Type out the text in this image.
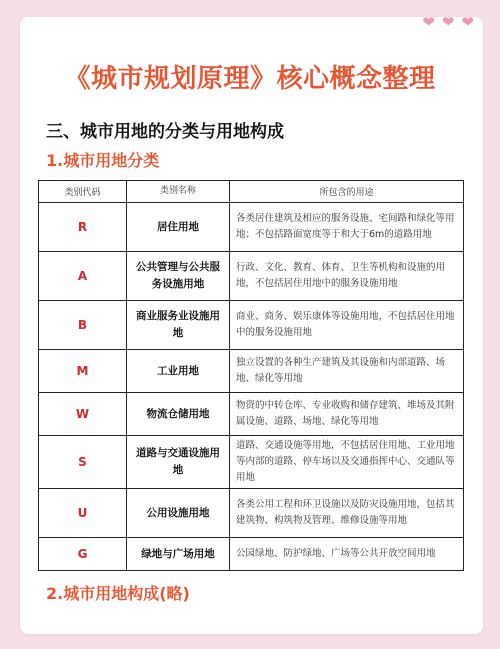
❤ ❤ ❤
《城市规划原理》核心概念整理
三、城市用地的分类与用地构成
1.城市用地分类
类别代码	类别名称	所包含的用途
R	居住用地	各类居住建筑及相应的服务设施、宅间路和绿化等用地；不包括路面宽度等于和大于6m的道路用地
A	公共管理与公共服务设施用地	行政、文化、教育、体育、卫生等机构和设施的用地，不包括居住用地中的服务设施用地
B	商业服务业设施用地	商业、商务、娱乐康体等设施用地，不包括居住用地中的服务设施用地
M	工业用地	独立设置的各种生产建筑及其设施和内部道路、场地、绿化等用地
W	物流仓储用地	物资的中转仓库、专业收购和储存建筑、堆场及其附属设施、道路、场地、绿化等用地
S	道路与交通设施用地	道路、交通设施等用地，不包括居住用地、工业用地等内部的道路、停车场以及交通指挥中心、交通队等用地
U	公用设施用地	各类公用工程和环卫设施以及防灾设施用地，包括其建筑物、构筑物及管理、维修设施等用地
G	绿地与广场用地	公园绿地、防护绿地、广场等公共开放空间用地
2.城市用地构成(略)
